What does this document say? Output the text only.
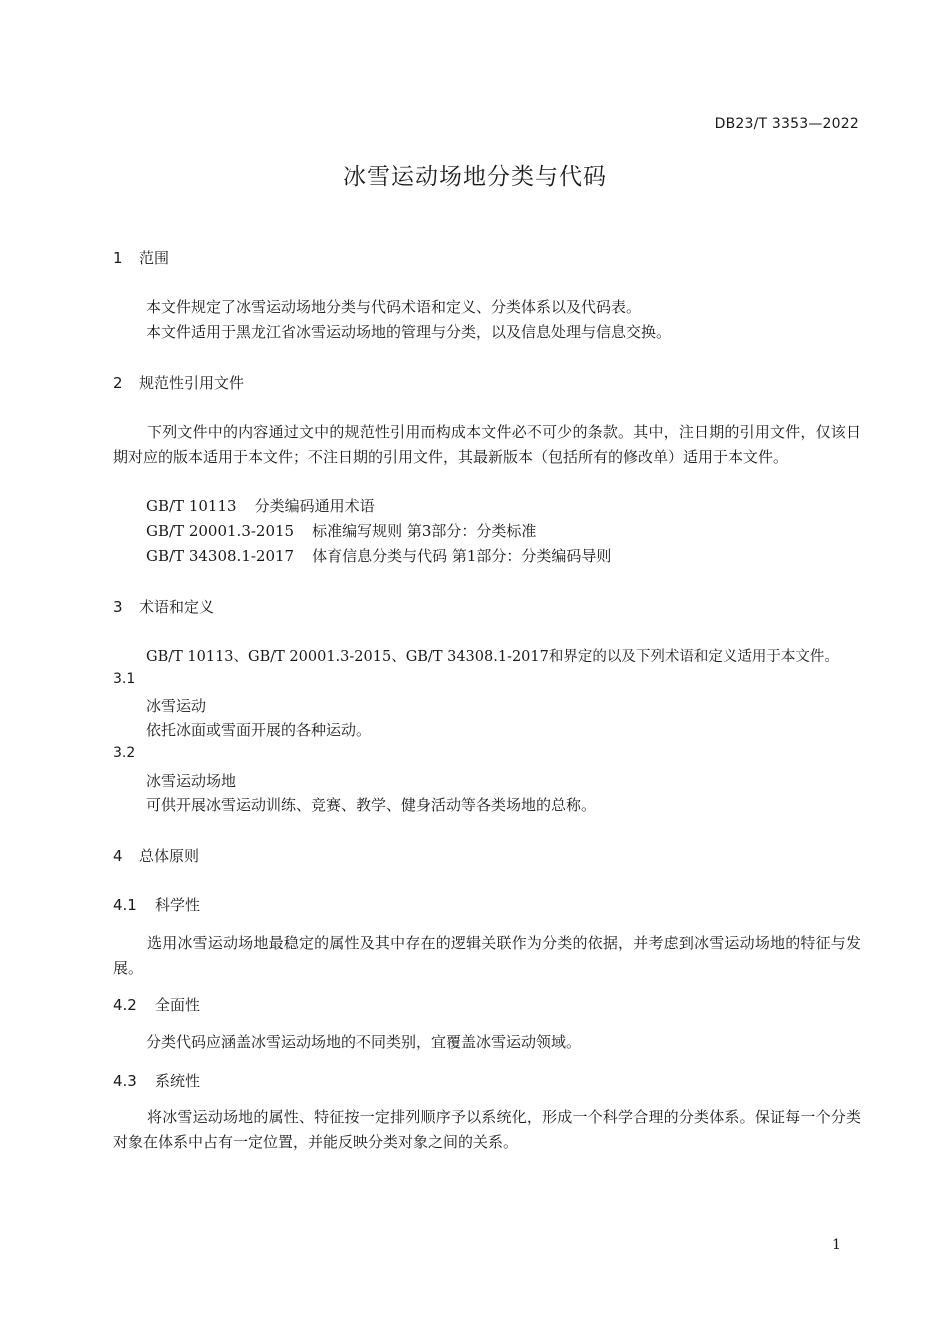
DB23/T 3353—2022
冰雪运动场地分类与代码
1 范围
本文件规定了冰雪运动场地分类与代码术语和定义、分类体系以及代码表。
本文件适用于黑龙江省冰雪运动场地的管理与分类，以及信息处理与信息交换。
2 规范性引用文件
下列文件中的内容通过文中的规范性引用而构成本文件必不可少的条款。其中，注日期的引用文件，仅该日期对应的版本适用于本文件；不注日期的引用文件，其最新版本（包括所有的修改单）适用于本文件。
GB/T 10113 分类编码通用术语
GB/T 20001.3-2015 标准编写规则 第3部分：分类标准
GB/T 34308.1-2017 体育信息分类与代码 第1部分：分类编码导则
3 术语和定义
GB/T 10113、GB/T 20001.3-2015、GB/T 34308.1-2017和界定的以及下列术语和定义适用于本文件。
3.1
冰雪运动
依托冰面或雪面开展的各种运动。
3.2
冰雪运动场地
可供开展冰雪运动训练、竞赛、教学、健身活动等各类场地的总称。
4 总体原则
4.1 科学性
选用冰雪运动场地最稳定的属性及其中存在的逻辑关联作为分类的依据，并考虑到冰雪运动场地的特征与发展。
4.2 全面性
分类代码应涵盖冰雪运动场地的不同类别，宜覆盖冰雪运动领域。
4.3 系统性
将冰雪运动场地的属性、特征按一定排列顺序予以系统化，形成一个科学合理的分类体系。保证每一个分类对象在体系中占有一定位置，并能反映分类对象之间的关系。
1
